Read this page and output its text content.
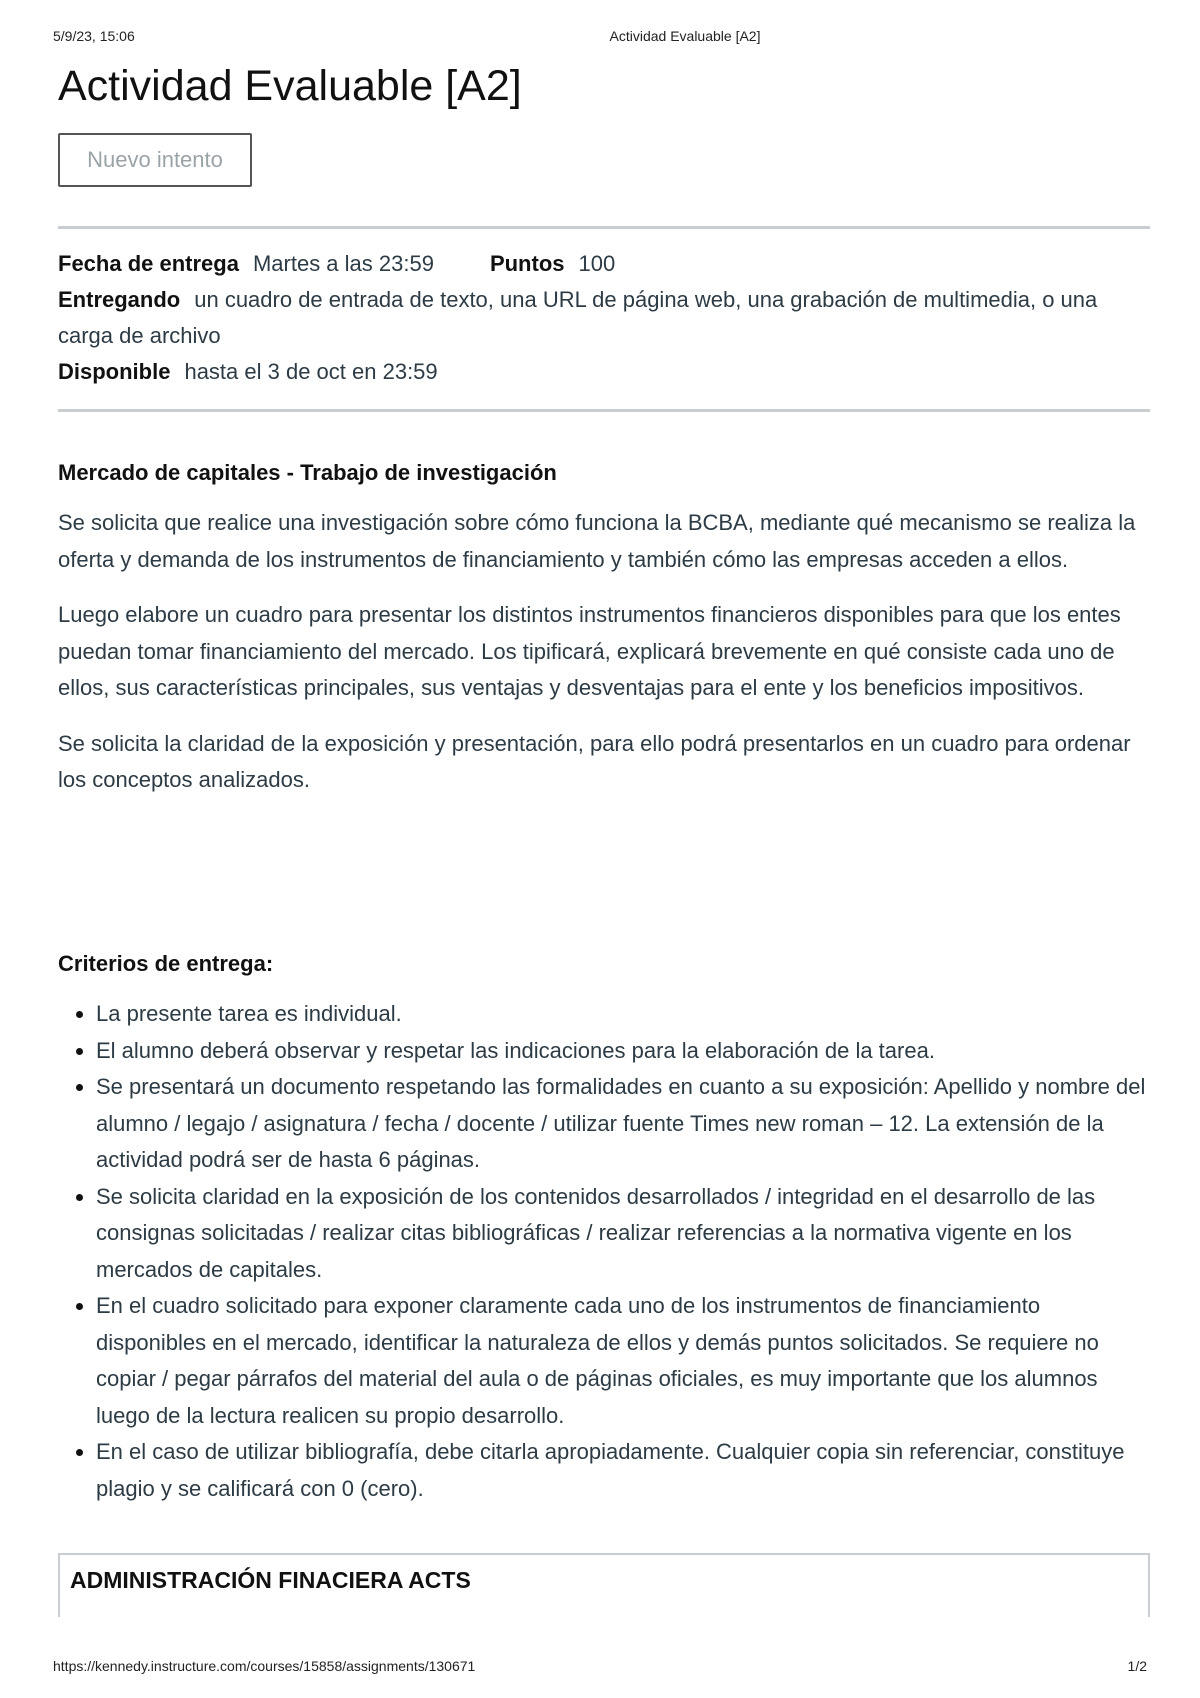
5/9/23, 15:06	Actividad Evaluable [A2]
Actividad Evaluable [A2]
Nuevo intento
Fecha de entrega Martes a las 23:59	Puntos 100
Entregando un cuadro de entrada de texto, una URL de página web, una grabación de multimedia, o una carga de archivo
Disponible hasta el 3 de oct en 23:59
Mercado de capitales - Trabajo de investigación

Se solicita que realice una investigación sobre cómo funciona la BCBA, mediante qué mecanismo se realiza la oferta y demanda de los instrumentos de financiamiento y también cómo las empresas acceden a ellos.

Luego elabore un cuadro para presentar los distintos instrumentos financieros disponibles para que los entes puedan tomar financiamiento del mercado. Los tipificará, explicará brevemente en qué consiste cada uno de ellos, sus características principales, sus ventajas y desventajas para el ente y los beneficios impositivos.

Se solicita la claridad de la exposición y presentación, para ello podrá presentarlos en un cuadro para ordenar los conceptos analizados.

Criterios de entrega:
• La presente tarea es individual.
• El alumno deberá observar y respetar las indicaciones para la elaboración de la tarea.
• Se presentará un documento respetando las formalidades en cuanto a su exposición: Apellido y nombre del alumno / legajo / asignatura / fecha / docente / utilizar fuente Times new roman – 12. La extensión de la actividad podrá ser de hasta 6 páginas.
• Se solicita claridad en la exposición de los contenidos desarrollados / integridad en el desarrollo de las consignas solicitadas / realizar citas bibliográficas / realizar referencias a la normativa vigente en los mercados de capitales.
• En el cuadro solicitado para exponer claramente cada uno de los instrumentos de financiamiento disponibles en el mercado, identificar la naturaleza de ellos y demás puntos solicitados. Se requiere no copiar / pegar párrafos del material del aula o de páginas oficiales, es muy importante que los alumnos luego de la lectura realicen su propio desarrollo.
• En el caso de utilizar bibliografía, debe citarla apropiadamente. Cualquier copia sin referenciar, constituye plagio y se calificará con 0 (cero).
ADMINISTRACIÓN FINACIERA ACTS
https://kennedy.instructure.com/courses/15858/assignments/130671	1/2
